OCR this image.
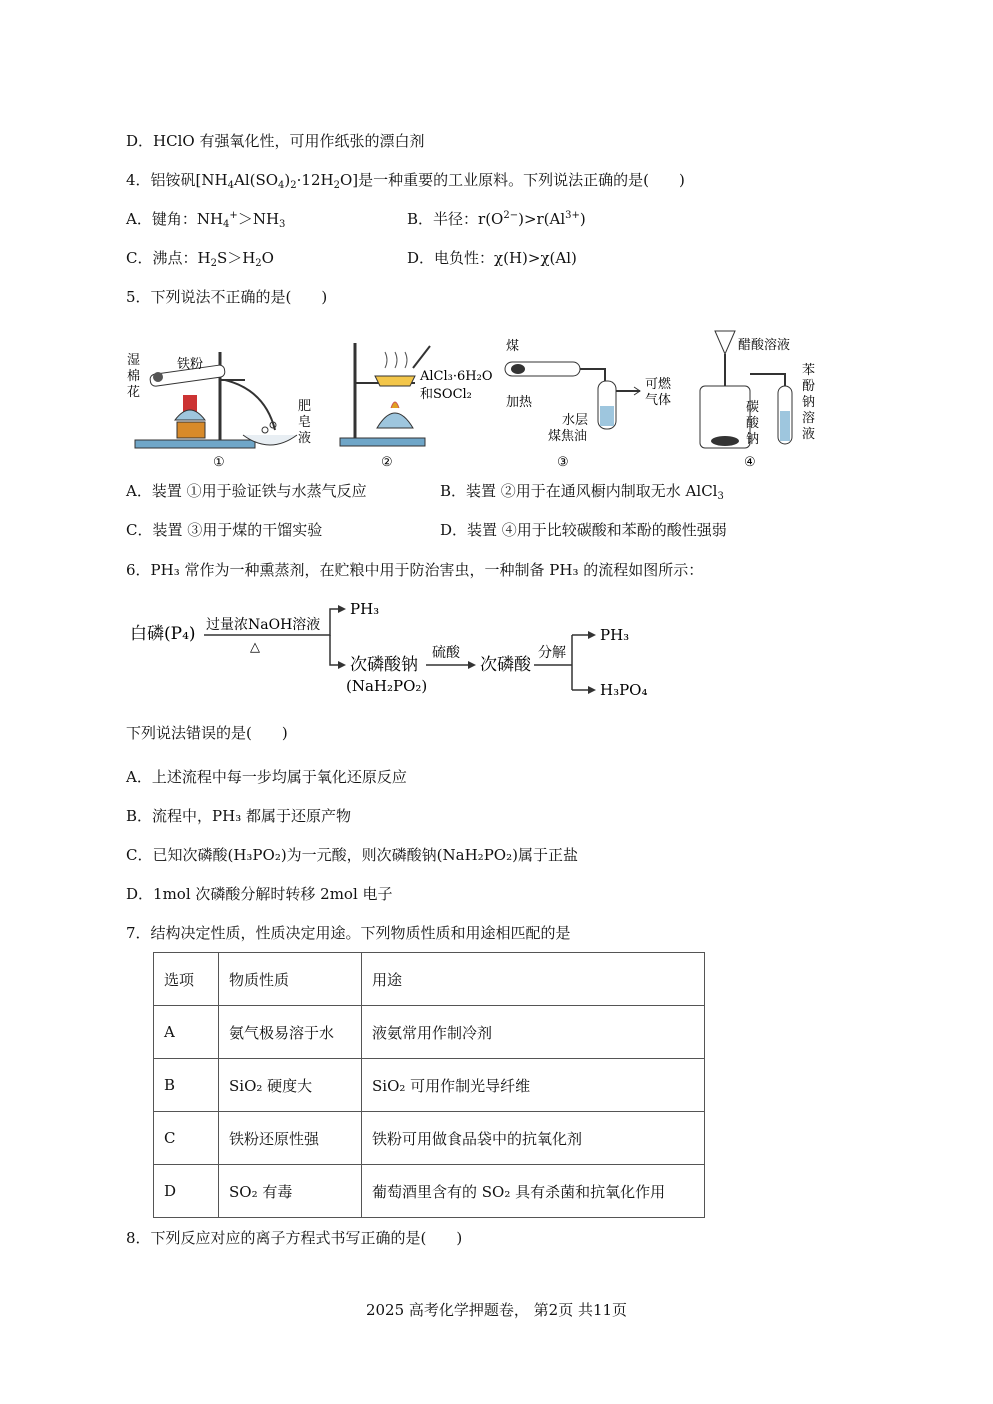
D．HClO 有强氧化性，可用作纸张的漂白剂
4．铝铵矾$[NH_4Al(SO_4)_2\cdot 12H_2O]$是一种重要的工业原料。下列说法正确的是(　　)
A．键角：$NH_4^+>NH_3$	B．半径：$r(O^{2-})>r(Al^{3+})$
C．沸点：$H_2S>H_2O$	D．电负性：χ(H)>χ(Al)
5．下列说法不正确的是(　　)
湿
棉
花
铁粉
肥
皂
液
①
AlCl₃·6H₂O
和SOCl₂
②
煤
加热
可燃
气体
水层
煤焦油
③
醋酸溶液
碳
酸
钠
苯
酚
钠
溶
液
④
A．装置 ①用于验证铁与水蒸气反应	B．装置 ②用于在通风橱内制取无水 AlCl$_3$
C．装置 ③用于煤的干馏实验	D．装置 ④用于比较碳酸和苯酚的酸性强弱
6．PH₃ 常作为一种熏蒸剂，在贮粮中用于防治害虫，一种制备 PH₃ 的流程如图所示：
白磷(P₄) 过量浓NaOH溶液
△
PH₃
次磷酸钠
(NaH₂PO₂)
硫酸
次磷酸
分解
PH₃
H₃PO₄
下列说法错误的是(　　)
A．上述流程中每一步均属于氧化还原反应
B．流程中，PH₃ 都属于还原产物
C．已知次磷酸(H₃PO₂)为一元酸，则次磷酸钠(NaH₂PO₂)属于正盐
D．1mol 次磷酸分解时转移 2mol 电子
7．结构决定性质，性质决定用途。下列物质性质和用途相匹配的是
选项	物质性质	用途
A	氨气极易溶于水	液氨常用作制冷剂
B	SiO₂ 硬度大	SiO₂ 可用作制光导纤维
C	铁粉还原性强	铁粉可用做食品袋中的抗氧化剂
D	SO₂ 有毒	葡萄酒里含有的 SO₂ 具有杀菌和抗氧化作用
8．下列反应对应的离子方程式书写正确的是(　　)
2025 高考化学押题卷， 第2页 共11页
